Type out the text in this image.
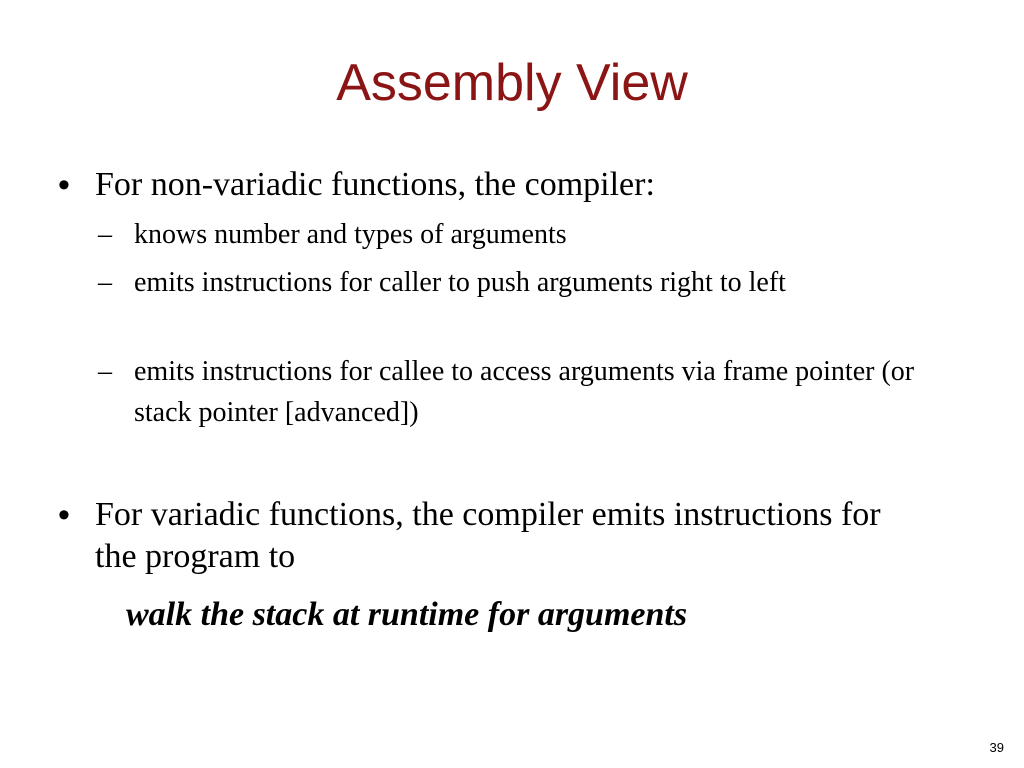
Assembly View
• For non-variadic functions, the compiler:
– knows number and types of arguments
– emits instructions for caller to push arguments right to left
– emits instructions for callee to access arguments via frame pointer (or stack pointer [advanced])
• For variadic functions, the compiler emits instructions for the program to
walk the stack at runtime for arguments
39
